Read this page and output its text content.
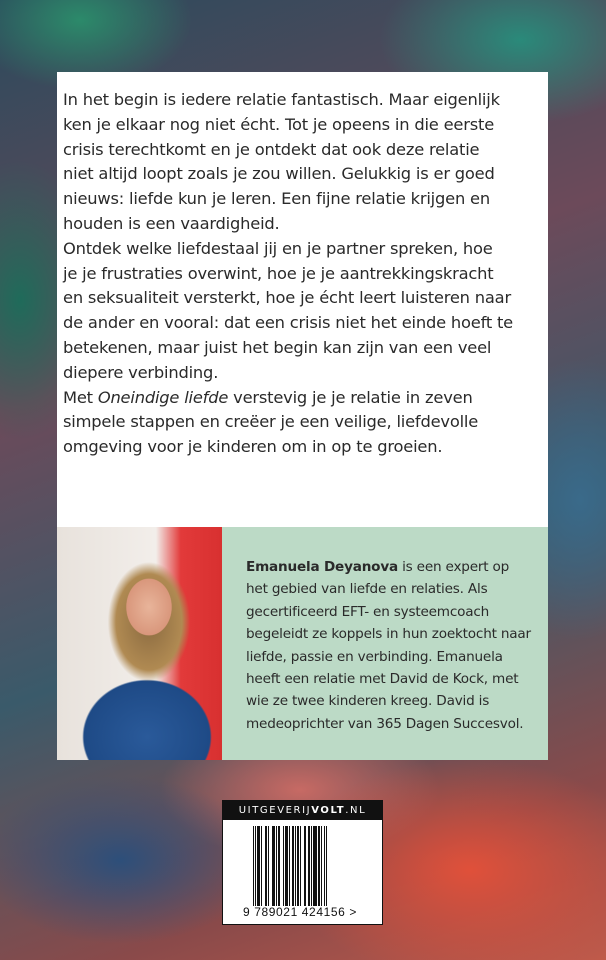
In het begin is iedere relatie fantastisch. Maar eigenlijk
ken je elkaar nog niet écht. Tot je opeens in die eerste
crisis terechtkomt en je ontdekt dat ook deze relatie
niet altijd loopt zoals je zou willen. Gelukkig is er goed
nieuws: liefde kun je leren. Een fijne relatie krijgen en
houden is een vaardigheid.
Ontdek welke liefdestaal jij en je partner spreken, hoe
je je frustraties overwint, hoe je je aantrekkingskracht
en seksualiteit versterkt, hoe je écht leert luisteren naar
de ander en vooral: dat een crisis niet het einde hoeft te
betekenen, maar juist het begin kan zijn van een veel
diepere verbinding.
Met Oneindige liefde verstevig je je relatie in zeven
simpele stappen en creëer je een veilige, liefdevolle
omgeving voor je kinderen om in op te groeien.
Emanuela Deyanova is een expert op
het gebied van liefde en relaties. Als
gecertificeerd EFT- en systeemcoach
begeleidt ze koppels in hun zoektocht naar
liefde, passie en verbinding. Emanuela
heeft een relatie met David de Kock, met
wie ze twee kinderen kreeg. David is
medeoprichter van 365 Dagen Succesvol.
UITGEVERIJVOLT.NL
9 789021 424156 >
